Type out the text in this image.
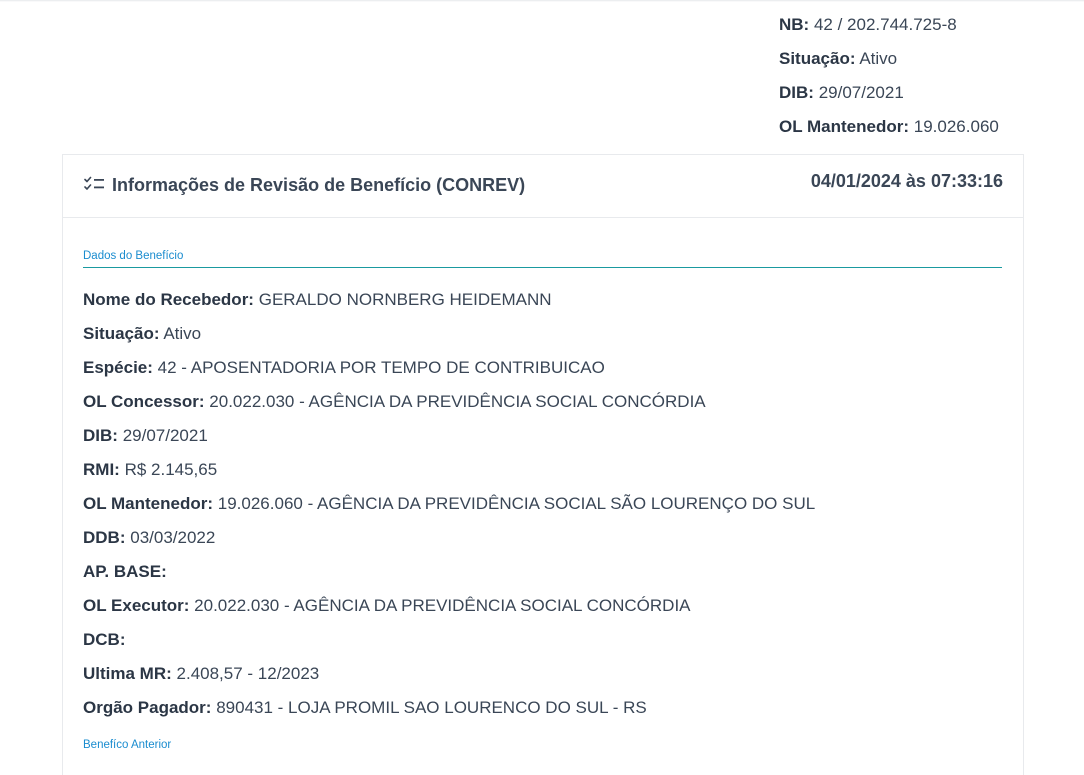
NB: 42 / 202.744.725-8
Situação: Ativo
DIB: 29/07/2021
OL Mantenedor: 19.026.060
Informações de Revisão de Benefício (CONREV)	04/01/2024 às 07:33:16
Dados do Benefício
Nome do Recebedor: GERALDO NORNBERG HEIDEMANN
Situação: Ativo
Espécie: 42 - APOSENTADORIA POR TEMPO DE CONTRIBUICAO
OL Concessor: 20.022.030 - AGÊNCIA DA PREVIDÊNCIA SOCIAL CONCÓRDIA
DIB: 29/07/2021
RMI: R$ 2.145,65
OL Mantenedor: 19.026.060 - AGÊNCIA DA PREVIDÊNCIA SOCIAL SÃO LOURENÇO DO SUL
DDB: 03/03/2022
AP. BASE:
OL Executor: 20.022.030 - AGÊNCIA DA PREVIDÊNCIA SOCIAL CONCÓRDIA
DCB:
Ultima MR: 2.408,57 - 12/2023
Orgão Pagador: 890431 - LOJA PROMIL SAO LOURENCO DO SUL - RS
Benefíco Anterior
